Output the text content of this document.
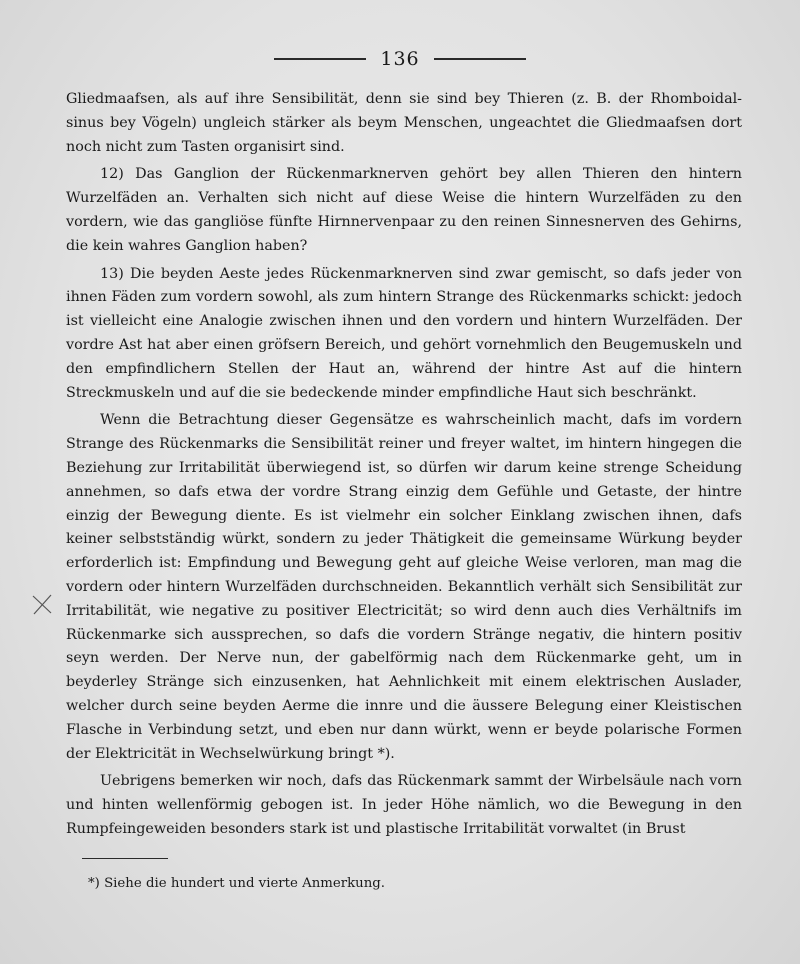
136

Gliedmaafsen, als auf ihre Sensibilität, denn sie sind bey Thieren (z. B. der Rhomboidal-sinus bey Vögeln) ungleich stärker als beym Menschen, ungeachtet die Gliedmaafsen dort noch nicht zum Tasten organisirt sind.

12) Das Ganglion der Rückenmarknerven gehört bey allen Thieren den hintern Wurzelfäden an. Verhalten sich nicht auf diese Weise die hintern Wurzelfäden zu den vordern, wie das gangliöse fünfte Hirnnervenpaar zu den reinen Sinnesnerven des Gehirns, die kein wahres Ganglion haben?

13) Die beyden Aeste jedes Rückenmarknerven sind zwar gemischt, so dafs jeder von ihnen Fäden zum vordern sowohl, als zum hintern Strange des Rückenmarks schickt: jedoch ist vielleicht eine Analogie zwischen ihnen und den vordern und hintern Wurzelfäden. Der vordre Ast hat aber einen gröfsern Bereich, und gehört vornehmlich den Beugemuskeln und den empfindlichern Stellen der Haut an, während der hintre Ast auf die hintern Streckmuskeln und auf die sie bedeckende minder empfindliche Haut sich beschränkt.

Wenn die Betrachtung dieser Gegensätze es wahrscheinlich macht, dafs im vordern Strange des Rückenmarks die Sensibilität reiner und freyer waltet, im hintern hingegen die Beziehung zur Irritabilität überwiegend ist, so dürfen wir darum keine strenge Scheidung annehmen, so dafs etwa der vordre Strang einzig dem Gefühle und Getaste, der hintre einzig der Bewegung diente. Es ist vielmehr ein solcher Einklang zwischen ihnen, dafs keiner selbstständig würkt, sondern zu jeder Thätigkeit die gemeinsame Würkung beyder erforderlich ist: Empfindung und Bewegung geht auf gleiche Weise verloren, man mag die vordern oder hintern Wurzelfäden durchschneiden. Bekanntlich verhält sich Sensibilität zur Irritabilität, wie negative zu positiver Electricität; so wird denn auch dies Verhältnifs im Rückenmarke sich aussprechen, so dafs die vordern Stränge negativ, die hintern positiv seyn werden. Der Nerve nun, der gabelförmig nach dem Rückenmarke geht, um in beyderley Stränge sich einzusenken, hat Aehnlichkeit mit einem elektrischen Auslader, welcher durch seine beyden Aerme die innre und die äussere Belegung einer Kleistischen Flasche in Verbindung setzt, und eben nur dann würkt, wenn er beyde polarische Formen der Elektricität in Wechselwürkung bringt *).

Uebrigens bemerken wir noch, dafs das Rückenmark sammt der Wirbelsäule nach vorn und hinten wellenförmig gebogen ist. In jeder Höhe nämlich, wo die Bewegung in den Rumpfeingeweiden besonders stark ist und plastische Irritabilität vorwaltet (in Brust

*) Siehe die hundert und vierte Anmerkung.
